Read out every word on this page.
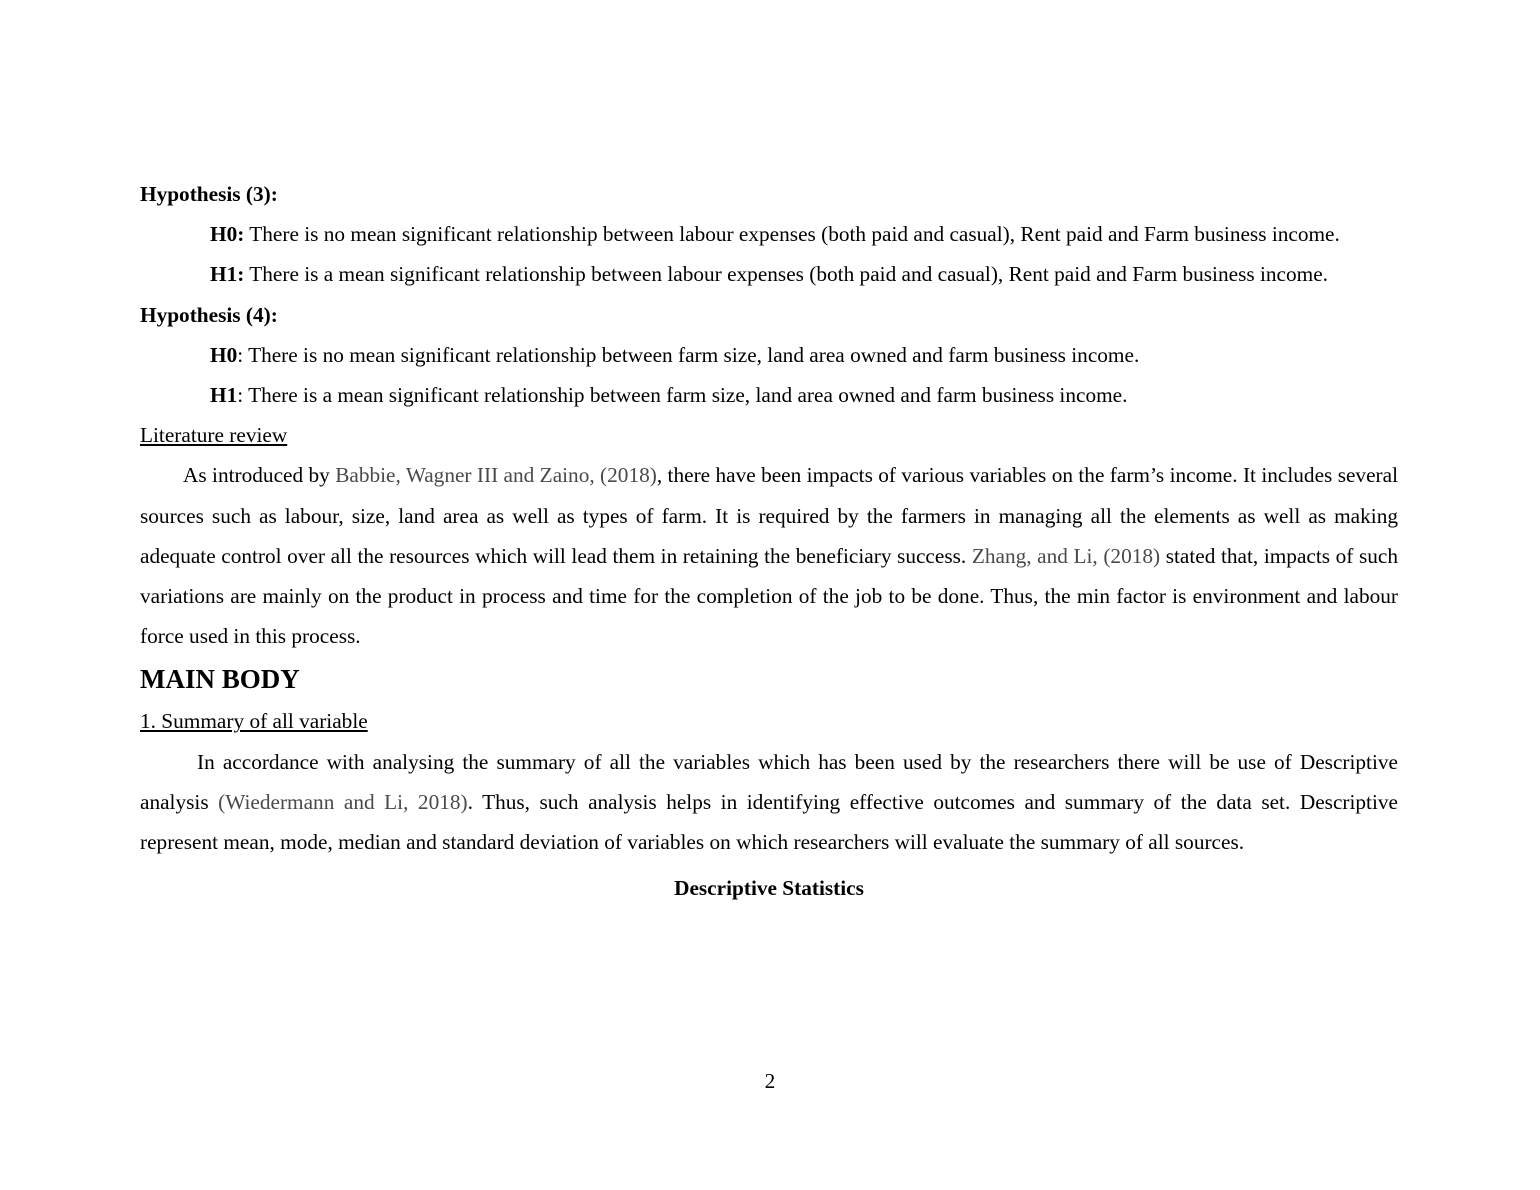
Hypothesis (3):

H0: There is no mean significant relationship between labour expenses (both paid and casual), Rent paid and Farm business income.

H1: There is a mean significant relationship between labour expenses (both paid and casual), Rent paid and Farm business income.

Hypothesis (4):

H0: There is no mean significant relationship between farm size, land area owned and farm business income.

H1: There is a mean significant relationship between farm size, land area owned and farm business income.

Literature review

As introduced by Babbie, Wagner III and Zaino, (2018), there have been impacts of various variables on the farm’s income. It includes several sources such as labour, size, land area as well as types of farm. It is required by the farmers in managing all the elements as well as making adequate control over all the resources which will lead them in retaining the beneficiary success. Zhang, and Li, (2018) stated that, impacts of such variations are mainly on the product in process and time for the completion of the job to be done. Thus, the min factor is environment and labour force used in this process.

MAIN BODY

1. Summary of all variable

In accordance with analysing the summary of all the variables which has been used by the researchers there will be use of Descriptive analysis (Wiedermann and Li, 2018). Thus, such analysis helps in identifying effective outcomes and summary of the data set. Descriptive represent mean, mode, median and standard deviation of variables on which researchers will evaluate the summary of all sources.

Descriptive Statistics

2
